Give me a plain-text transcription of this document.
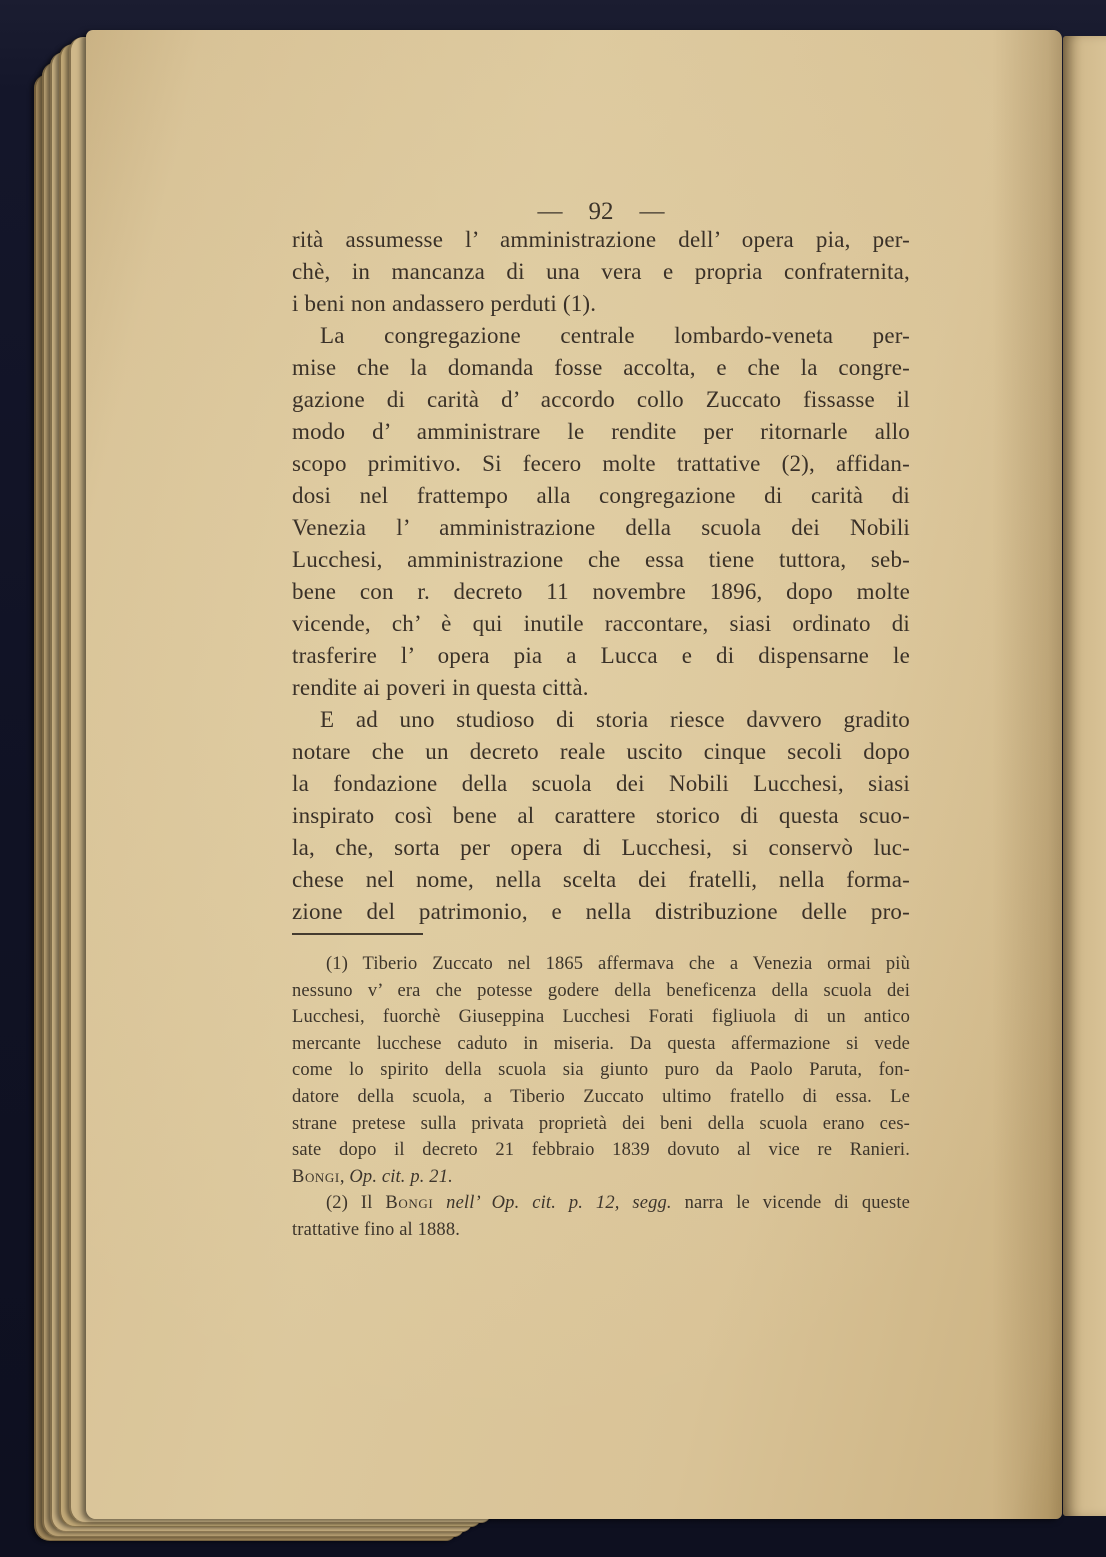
— 92 —
rità assumesse l’ amministrazione dell’ opera pia, per-
chè, in mancanza di una vera e propria confraternita,
i beni non andassero perduti (1).
La congregazione centrale lombardo-veneta per-
mise che la domanda fosse accolta, e che la congre-
gazione di carità d’ accordo collo Zuccato fissasse il
modo d’ amministrare le rendite per ritornarle allo
scopo primitivo. Si fecero molte trattative (2), affidan-
dosi nel frattempo alla congregazione di carità di
Venezia l’ amministrazione della scuola dei Nobili
Lucchesi, amministrazione che essa tiene tuttora, seb-
bene con r. decreto 11 novembre 1896, dopo molte
vicende, ch’ è qui inutile raccontare, siasi ordinato di
trasferire l’ opera pia a Lucca e di dispensarne le
rendite ai poveri in questa città.
E ad uno studioso di storia riesce davvero gradito
notare che un decreto reale uscito cinque secoli dopo
la fondazione della scuola dei Nobili Lucchesi, siasi
inspirato così bene al carattere storico di questa scuo-
la, che, sorta per opera di Lucchesi, si conservò luc-
chese nel nome, nella scelta dei fratelli, nella forma-
zione del patrimonio, e nella distribuzione delle pro-
(1) Tiberio Zuccato nel 1865 affermava che a Venezia ormai più
nessuno v’ era che potesse godere della beneficenza della scuola dei
Lucchesi, fuorchè Giuseppina Lucchesi Forati figliuola di un antico
mercante lucchese caduto in miseria. Da questa affermazione si vede
come lo spirito della scuola sia giunto puro da Paolo Paruta, fon-
datore della scuola, a Tiberio Zuccato ultimo fratello di essa. Le
strane pretese sulla privata proprietà dei beni della scuola erano ces-
sate dopo il decreto 21 febbraio 1839 dovuto al vice re Ranieri.
Bongi, Op. cit. p. 21.
(2) Il Bongi nell’ Op. cit. p. 12, segg. narra le vicende di queste
trattative fino al 1888.
